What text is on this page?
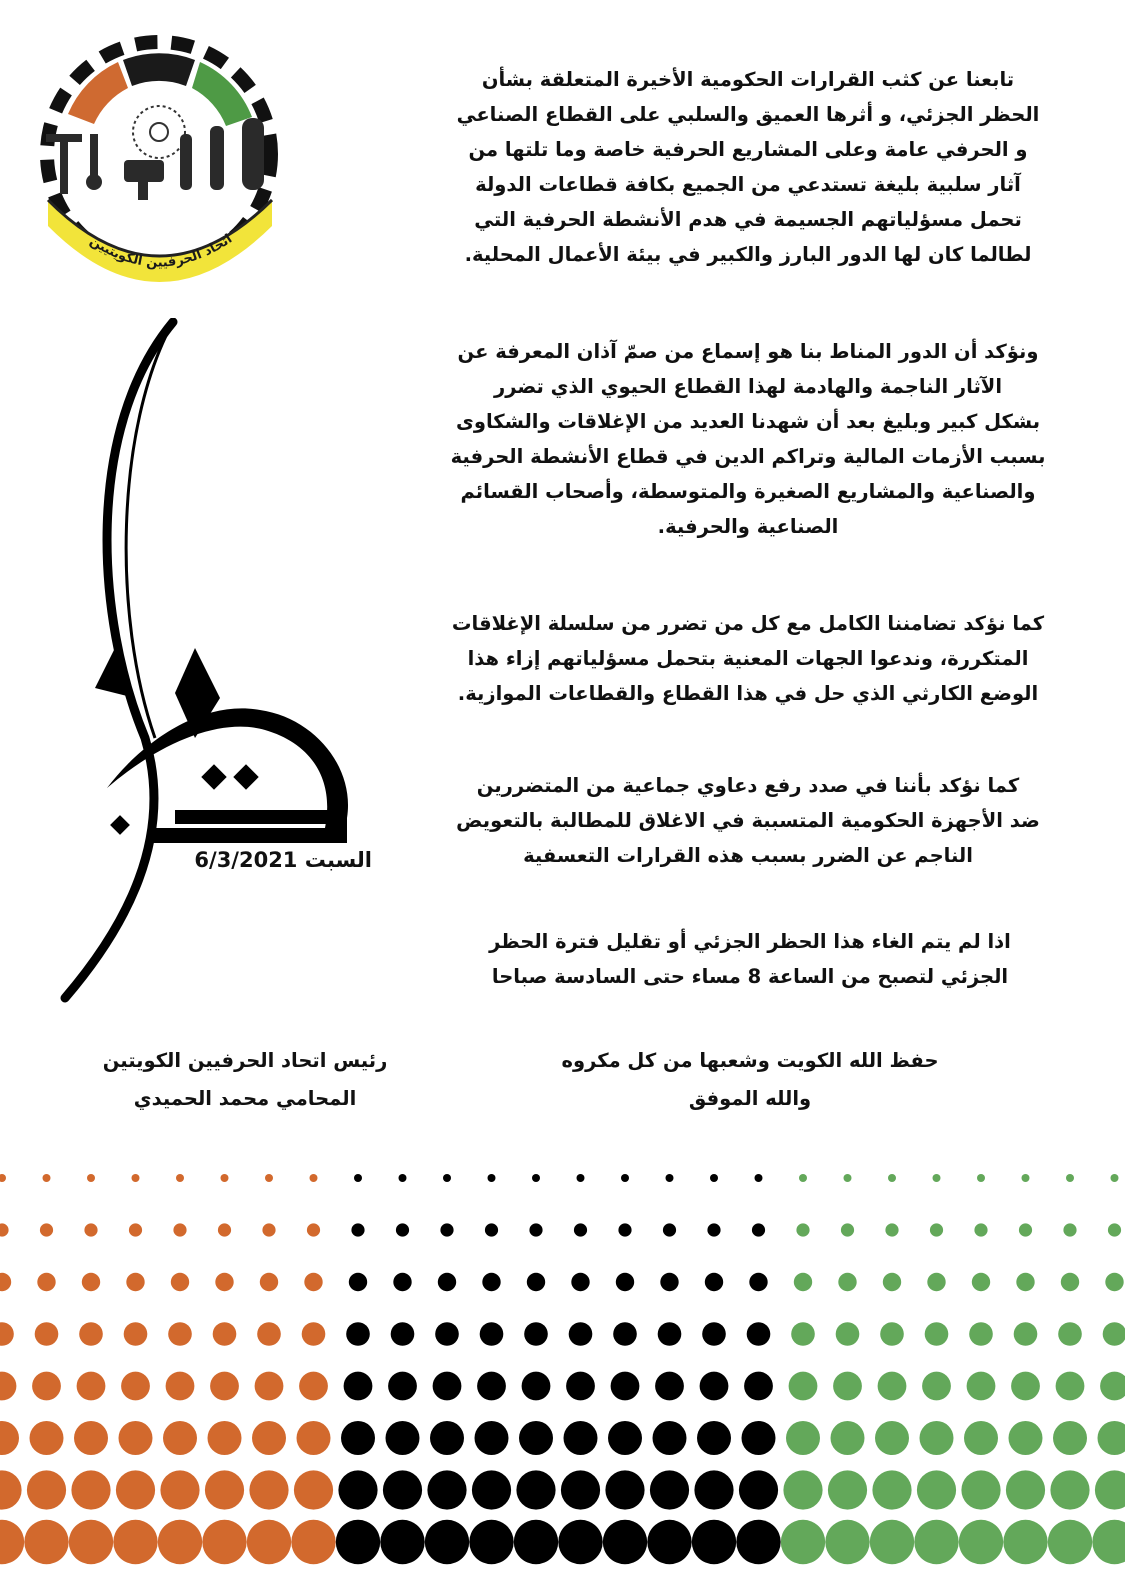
اتحاد الحرفيين الكويتيين
السبت 6/3/2021
تابعنا عن كثب القرارات الحكومية الأخيرة المتعلقة بشأن
الحظر الجزئي، و أثرها العميق والسلبي على القطاع الصناعي
و الحرفي عامة وعلى المشاريع الحرفية خاصة وما تلتها من
آثار سلبية بليغة تستدعي من الجميع بكافة قطاعات الدولة
تحمل مسؤلياتهم الجسيمة في هدم الأنشطة الحرفية التي
لطالما كان لها الدور البارز والكبير في بيئة الأعمال المحلية.
ونؤكد أن الدور المناط بنا هو إسماع من صمّ آذان المعرفة عن
الآثار الناجمة والهادمة لهذا القطاع الحيوي الذي تضرر
بشكل كبير وبليغ بعد أن شهدنا العديد من الإغلاقات والشكاوى
بسبب الأزمات المالية وتراكم الدين في قطاع الأنشطة الحرفية
والصناعية والمشاريع الصغيرة والمتوسطة، وأصحاب القسائم
الصناعية والحرفية.
كما نؤكد تضامننا الكامل مع كل من تضرر من سلسلة الإغلاقات
المتكررة، وندعوا الجهات المعنية بتحمل مسؤلياتهم إزاء هذا
الوضع الكارثي الذي حل في هذا القطاع والقطاعات الموازية.
كما نؤكد بأننا في صدد رفع دعاوي جماعية من المتضررين
ضد الأجهزة الحكومية المتسببة في الاغلاق للمطالبة بالتعويض
الناجم عن الضرر بسبب هذه القرارات التعسفية
اذا لم يتم الغاء هذا الحظر الجزئي أو تقليل فترة الحظر
الجزئي لتصبح من الساعة 8 مساء حتى السادسة صباحا
حفظ الله الكويت وشعبها من كل مكروه
والله الموفق
رئيس اتحاد الحرفيين الكويتين
المحامي محمد الحميدي
